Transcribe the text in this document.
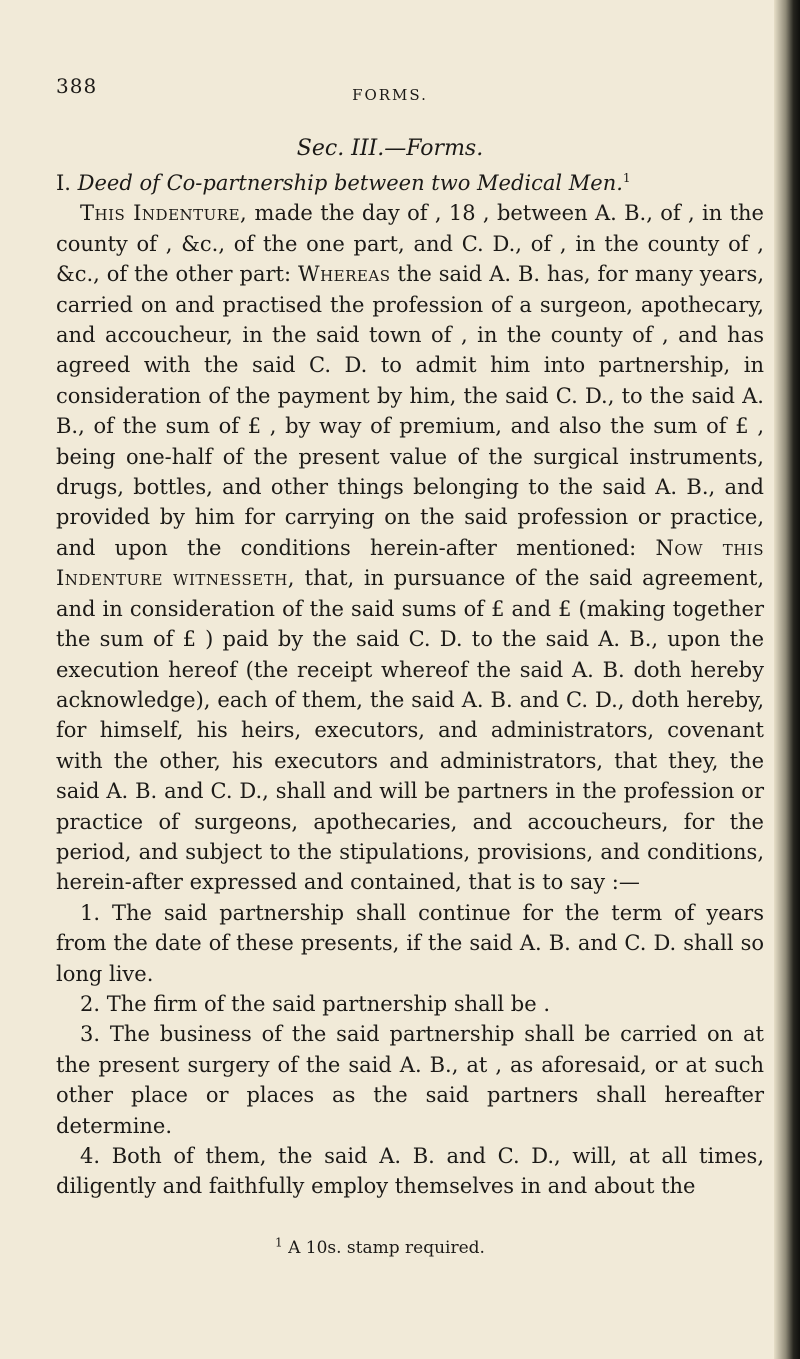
388	FORMS.
Sec. III.—Forms.

I. Deed of Co-partnership between two Medical Men.$^1$

This Indenture, made the day of , 18 , between A. B., of , in the county of , &c., of the one part, and C. D., of , in the county of , &c., of the other part: Whereas the said A. B. has, for many years, carried on and practised the profession of a surgeon, apothecary, and accoucheur, in the said town of , in the county of , and has agreed with the said C. D. to admit him into partnership, in consideration of the payment by him, the said C. D., to the said A. B., of the sum of £ , by way of premium, and also the sum of £ , being one-half of the present value of the surgical instruments, drugs, bottles, and other things belonging to the said A. B., and provided by him for carrying on the said profession or practice, and upon the conditions herein-after mentioned: Now this Indenture witnesseth, that, in pursuance of the said agreement, and in consideration of the said sums of £ and £ (making together the sum of £ ) paid by the said C. D. to the said A. B., upon the execution hereof (the receipt whereof the said A. B. doth hereby acknowledge), each of them, the said A. B. and C. D., doth hereby, for himself, his heirs, executors, and administrators, covenant with the other, his executors and administrators, that they, the said A. B. and C. D., shall and will be partners in the profession or practice of surgeons, apothecaries, and accoucheurs, for the period, and subject to the stipulations, provisions, and conditions, herein-after expressed and contained, that is to say :—

1. The said partnership shall continue for the term of years from the date of these presents, if the said A. B. and C. D. shall so long live.

2. The firm of the said partnership shall be .

3. The business of the said partnership shall be carried on at the present surgery of the said A. B., at , as aforesaid, or at such other place or places as the said partners shall hereafter determine.

4. Both of them, the said A. B. and C. D., will, at all times, diligently and faithfully employ themselves in and about the

$^1$ A 10s. stamp required.
